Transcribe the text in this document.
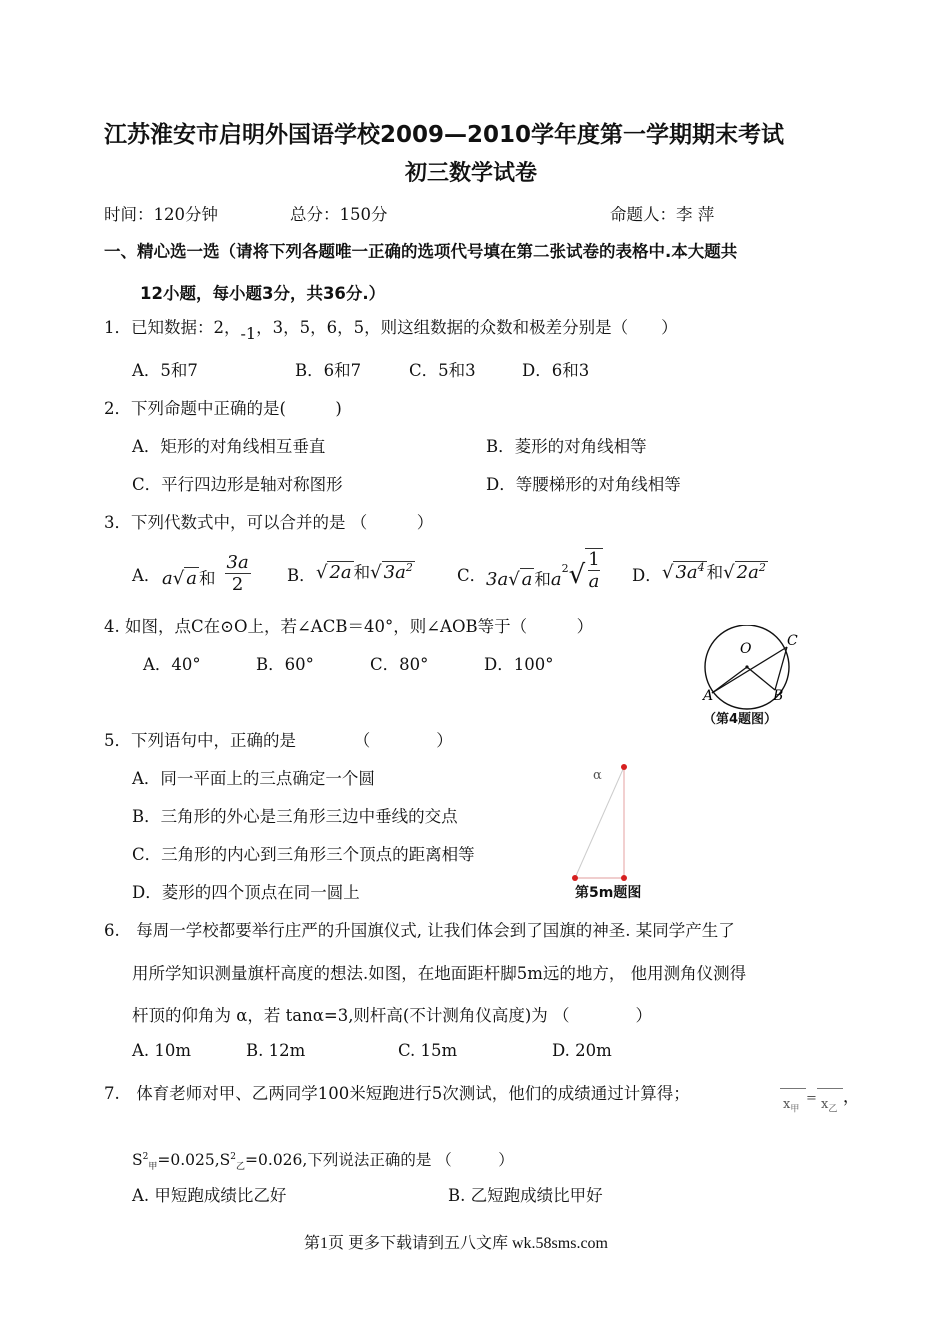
江苏淮安市启明外国语学校2009—2010学年度第一学期期末考试
初三数学试卷
时间：120分钟	总分：150分	命题人：李 萍
一、精心选一选（请将下列各题唯一正确的选项代号填在第二张试卷的表格中.本大题共
12小题，每小题3分，共36分.）
1．已知数据：2，-1，3，5，6，5，则这组数据的众数和极差分别是（　　）
A．5和7	B．6和7	C．5和3	D．6和3
2．下列命题中正确的是(　　　)
A．矩形的对角线相互垂直	B．菱形的对角线相等
C．平行四边形是轴对称图形	D．等腰梯形的对角线相等
3．下列代数式中，可以合并的是 （　　　）
A． a√ a 和 $\frac{3a}{2}$ B． √ 2a 和√ $3a^2$	C． 3a√ a 和$a^2√ \frac{1}{a}$ D． √ $3a^4$ 和√ $2a^2$
4. 如图，点C在⊙O上，若∠ACB＝40°，则∠AOB等于（　　　）
A．40°	B．60°	C．80°	D．100°
O
A	B
C
（第4题图）
5．下列语句中，正确的是　　　　（　　　　）
A．同一平面上的三点确定一个圆
B．三角形的外心是三角形三边中垂线的交点
C．三角形的内心到三角形三个顶点的距离相等
D．菱形的四个顶点在同一圆上
α
第5m题图
6.　每周一学校都要举行庄严的升国旗仪式, 让我们体会到了国旗的神圣. 某同学产生了
用所学知识测量旗杆高度的想法.如图，在地面距杆脚5m远的地方， 他用测角仪测得
杆顶的仰角为 α，若 tanα=3,则杆高(不计测角仪高度)为 （　　　　）
A. 10m	B. 12m	C. 15m	D. 20m
7.　体育老师对甲、乙两同学100米短跑进行5次测试，他们的成绩通过计算得；	= ，
$x_甲$ $x_乙$
$S^2_甲=0.025,S^2_乙=0.026$,下列说法正确的是 （　　　）
A. 甲短跑成绩比乙好	B. 乙短跑成绩比甲好
第1页 更多下载请到五八文库 wk.58sms.com
